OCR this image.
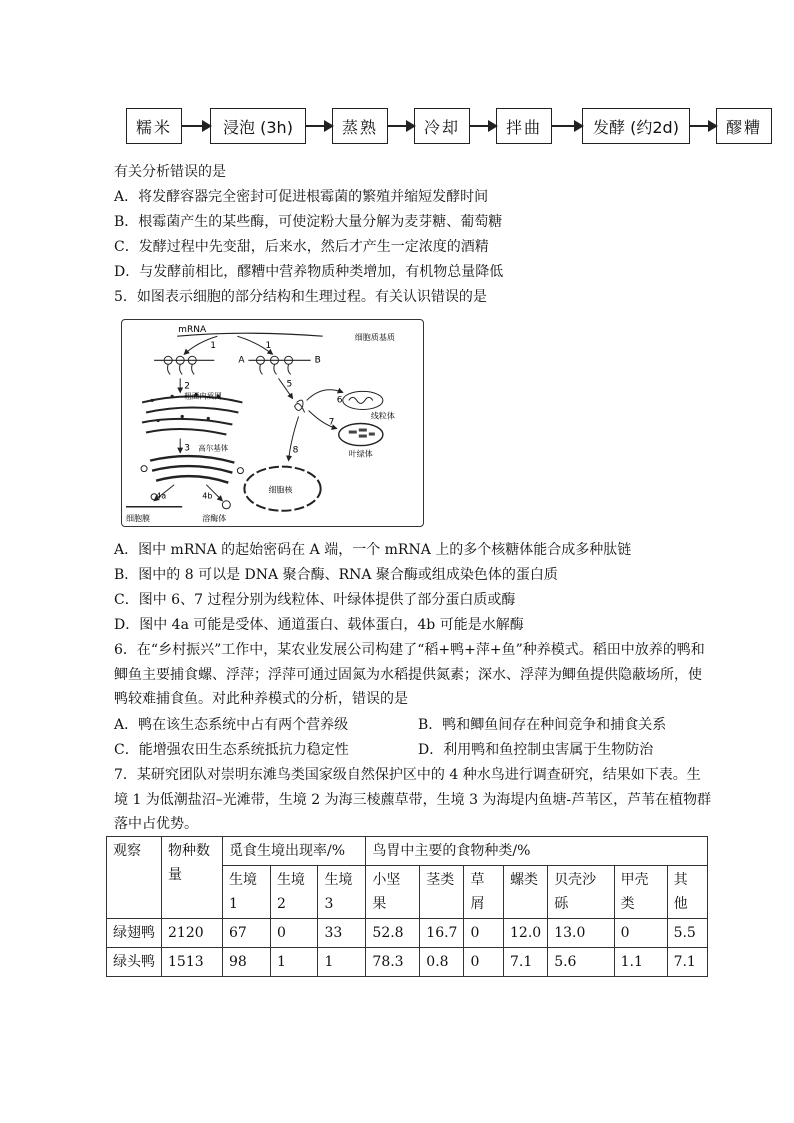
糯米	浸泡 (3h)	蒸熟	冷却	拌曲	发酵 (约2d)	醪糟
有关分析错误的是
A．将发酵容器完全密封可促进根霉菌的繁殖并缩短发酵时间
B．根霉菌产生的某些酶，可使淀粉大量分解为麦芽糖、葡萄糖
C．发酵过程中先变甜，后来水，然后才产生一定浓度的酒精
D．与发酵前相比，醪糟中营养物质种类增加，有机物总量降低
5．如图表示细胞的部分结构和生理过程。有关认识错误的是
mRNA
细胞质基质
1	1
A	B
2
粗面内质网
3 高尔基体
4a	4b
细胞膜	溶酶体
5
6
线粒体
7
叶绿体
8
细胞核
A．图中 mRNA 的起始密码在 A 端，一个 mRNA 上的多个核糖体能合成多种肽链
B．图中的 8 可以是 DNA 聚合酶、RNA 聚合酶或组成染色体的蛋白质
C．图中 6、7 过程分别为线粒体、叶绿体提供了部分蛋白质或酶
D．图中 4a 可能是受体、通道蛋白、载体蛋白，4b 可能是水解酶
6．在“乡村振兴”工作中，某农业发展公司构建了“稻+鸭+萍+鱼”种养模式。稻田中放养的鸭和鲫鱼主要捕食螺、浮萍；浮萍可通过固氮为水稻提供氮素；深水、浮萍为鲫鱼提供隐蔽场所，使鸭较难捕食鱼。对此种养模式的分析，错误的是
A．鸭在该生态系统中占有两个营养级	B．鸭和鲫鱼间存在种间竞争和捕食关系
C．能增强农田生态系统抵抗力稳定性	D．利用鸭和鱼控制虫害属于生物防治
7．某研究团队对崇明东滩鸟类国家级自然保护区中的 4 种水鸟进行调查研究，结果如下表。生境 1 为低潮盐沼–光滩带，生境 2 为海三棱藨草带，生境 3 为海堤内鱼塘-芦苇区，芦苇在植物群落中占优势。
观察	物种数量	觅食生境出现率/%			鸟胃中主要的食物种类/%						
		生境1	生境2	生境3	小坚果	茎类	草屑	螺类	贝壳沙砾	甲壳类	其他
绿翅鸭	2120	67	0	33	52.8	16.7	0	12.0	13.0	0	5.5
绿头鸭	1513	98	1	1	78.3	0.8	0	7.1	5.6	1.1	7.1
